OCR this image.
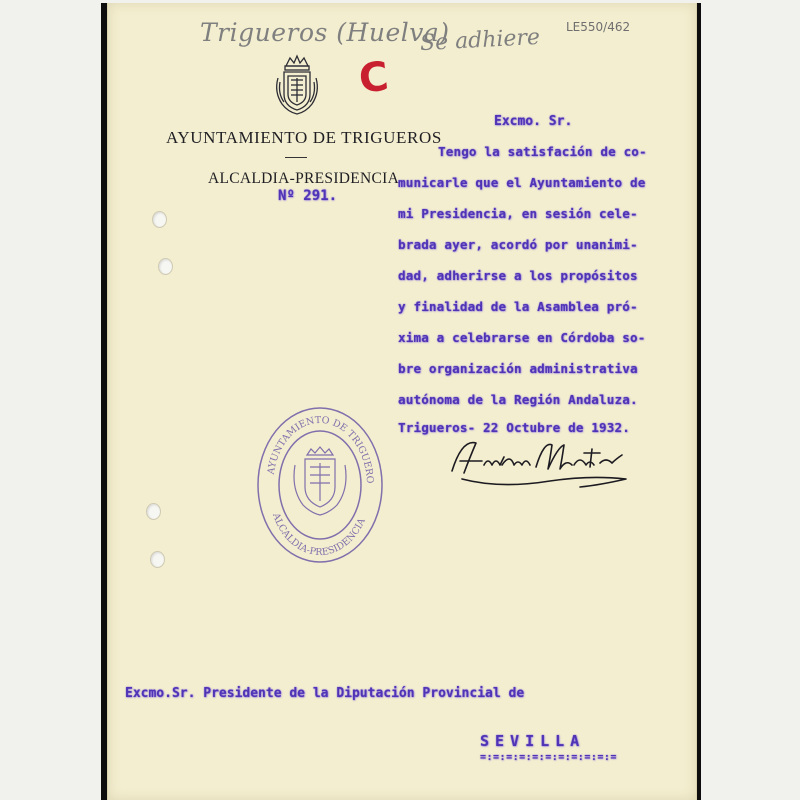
Trigueros (Huelva)
Se adhiere LE550/462
C
AYUNTAMIENTO DE TRIGUEROS
ALCALDIA-PRESIDENCIA
Nº 291.
Excmo. Sr.
Tengo la satisfación de co-
municarle que el Ayuntamiento de
mi Presidencia, en sesión cele-
brada ayer, acordó por unanimi-
dad, adherirse a los propósitos
y finalidad de la Asamblea pró-
xima a celebrarse en Córdoba so-
bre organización administrativa
autónoma de la Región Andaluza.
Trigueros- 22 Octubre de 1932.
AYUNTAMIENTO DE TRIGUERO
ALCALDIA-PRESIDENCIA
Excmo.Sr. Presidente de la Diputación Provincial de
SEVILLA
=:=:=:=:=:=:=:=:=:=:=
